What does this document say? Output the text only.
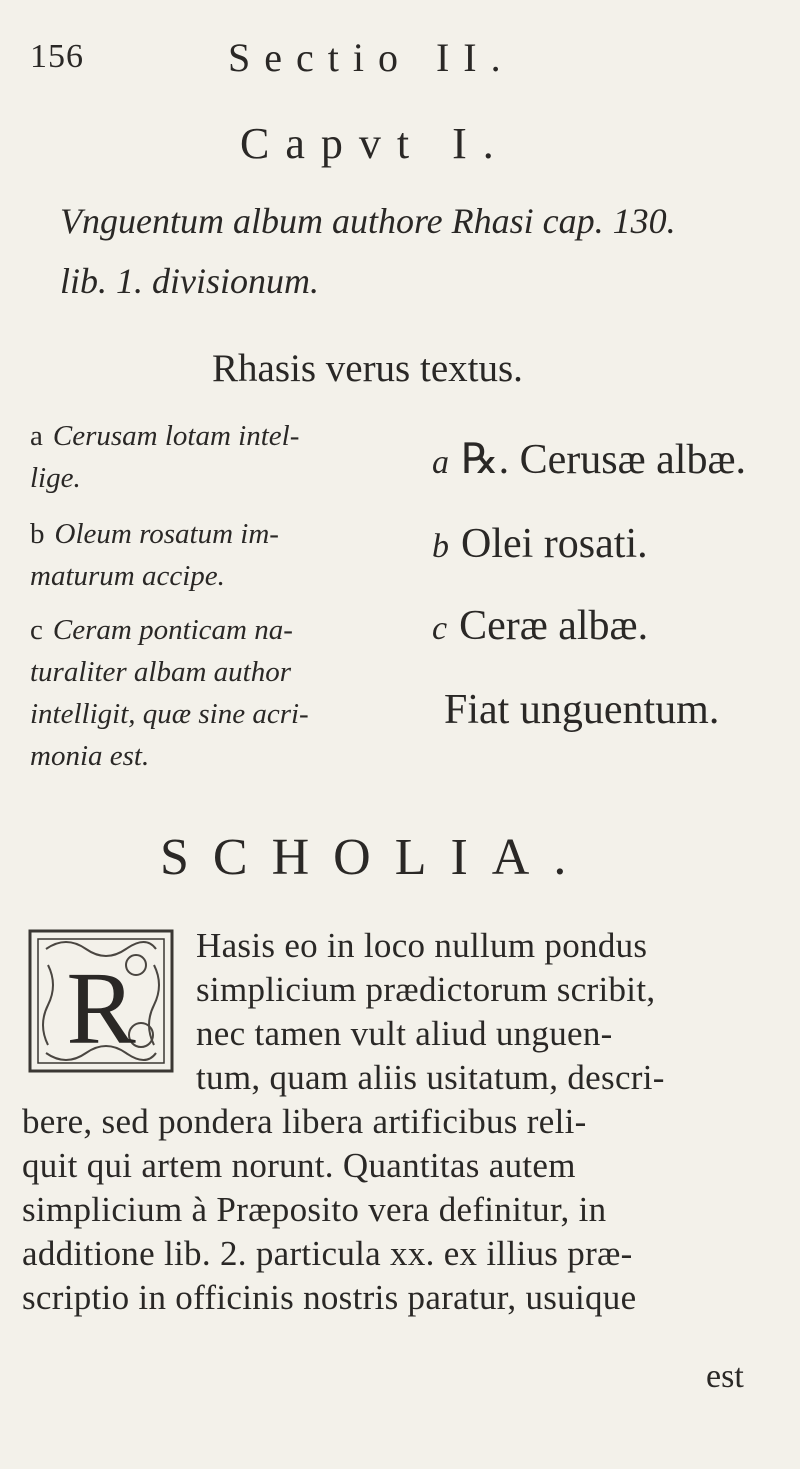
156	Sectio II.
Capvt I.
Vnguentum album authore Rhasi cap. 130.
lib. 1. divisionum.
Rhasis verus textus.
a Cerusam lotam intel-
lige.
b Oleum rosatum im-
maturum accipe.
c Ceram ponticam na-
turaliter albam author
intelligit, quæ sine acri-
monia est.
a ℞. Cerusæ albæ.
b Olei rosati.
c Ceræ albæ.
Fiat unguentum.
SCHOLIA.
R
Hasis eo in loco nullum pondus
simplicium prædictorum scribit,
nec tamen vult aliud unguen-
tum, quam aliis usitatum, descri-
bere, sed pondera libera artificibus reli-
quit qui artem norunt. Quantitas autem
simplicium à Præposito vera definitur, in
additione lib. 2. particula xx. ex illius præ-
scriptio in officinis nostris paratur, usuique
est
